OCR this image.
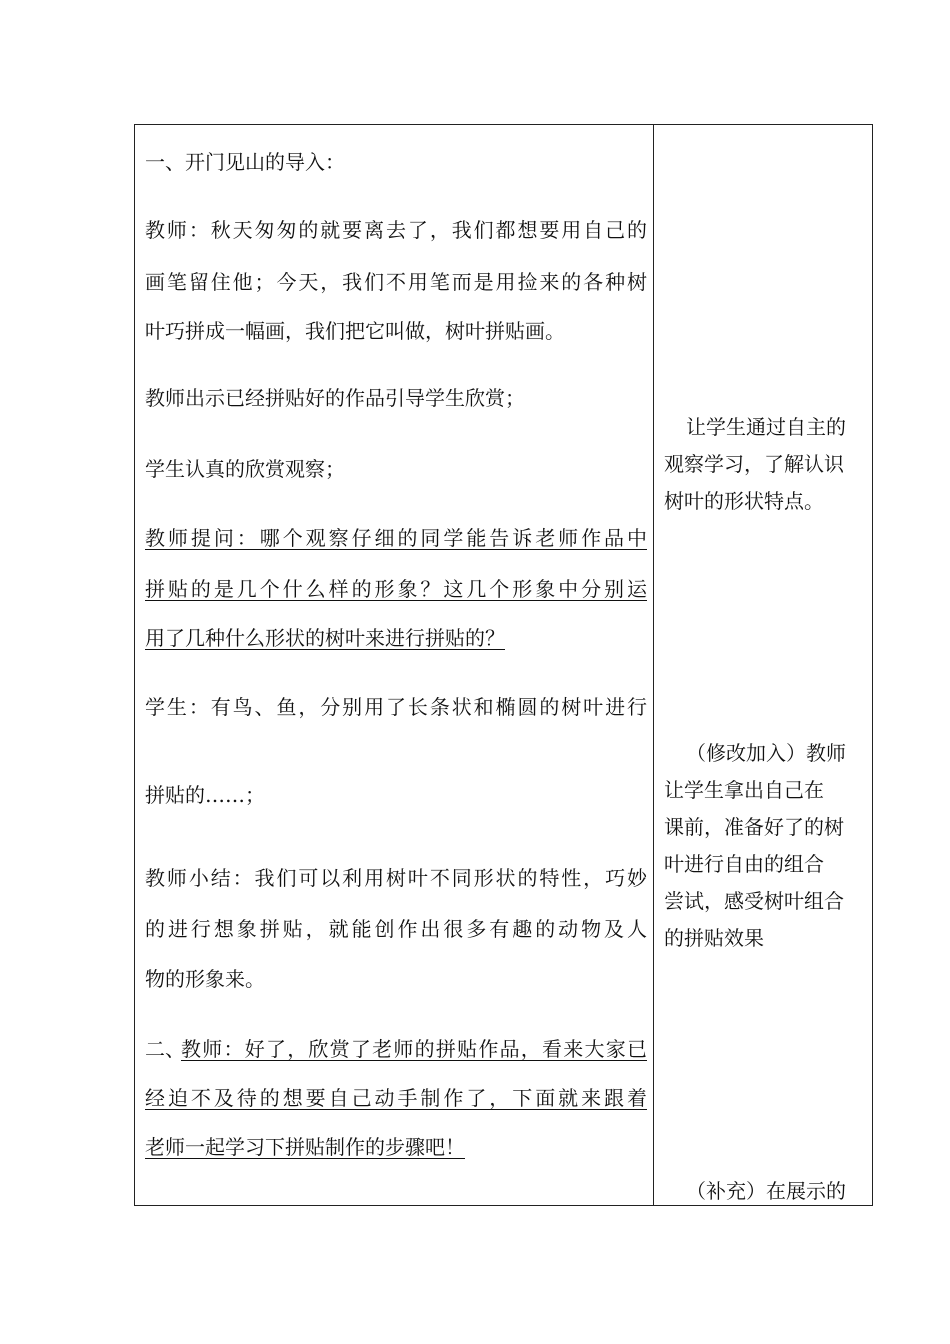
一、开门见山的导入：
教师：秋天匆匆的就要离去了，我们都想要用自己的
画笔留住他；今天，我们不用笔而是用捡来的各种树
叶巧拼成一幅画，我们把它叫做，树叶拼贴画。
教师出示已经拼贴好的作品引导学生欣赏；
学生认真的欣赏观察；
教师提问：哪个观察仔细的同学能告诉老师作品中
拼贴的是几个什么样的形象？这几个形象中分别运
用了几种什么形状的树叶来进行拼贴的？
学生：有鸟、鱼，分别用了长条状和椭圆的树叶进行
拼贴的……；
教师小结：我们可以利用树叶不同形状的特性，巧妙
的进行想象拼贴，就能创作出很多有趣的动物及人
物的形象来。
二、
教师：好了，欣赏了老师的拼贴作品，看来大家已
经迫不及待的想要自己动手制作了，下面就来跟着
老师一起学习下拼贴制作的步骤吧！
让学生通过自主的
观察学习，了解认识
树叶的形状特点。
（修改加入）教师
让学生拿出自己在
课前，准备好了的树
叶进行自由的组合
尝试，感受树叶组合
的拼贴效果
（补充）在展示的
